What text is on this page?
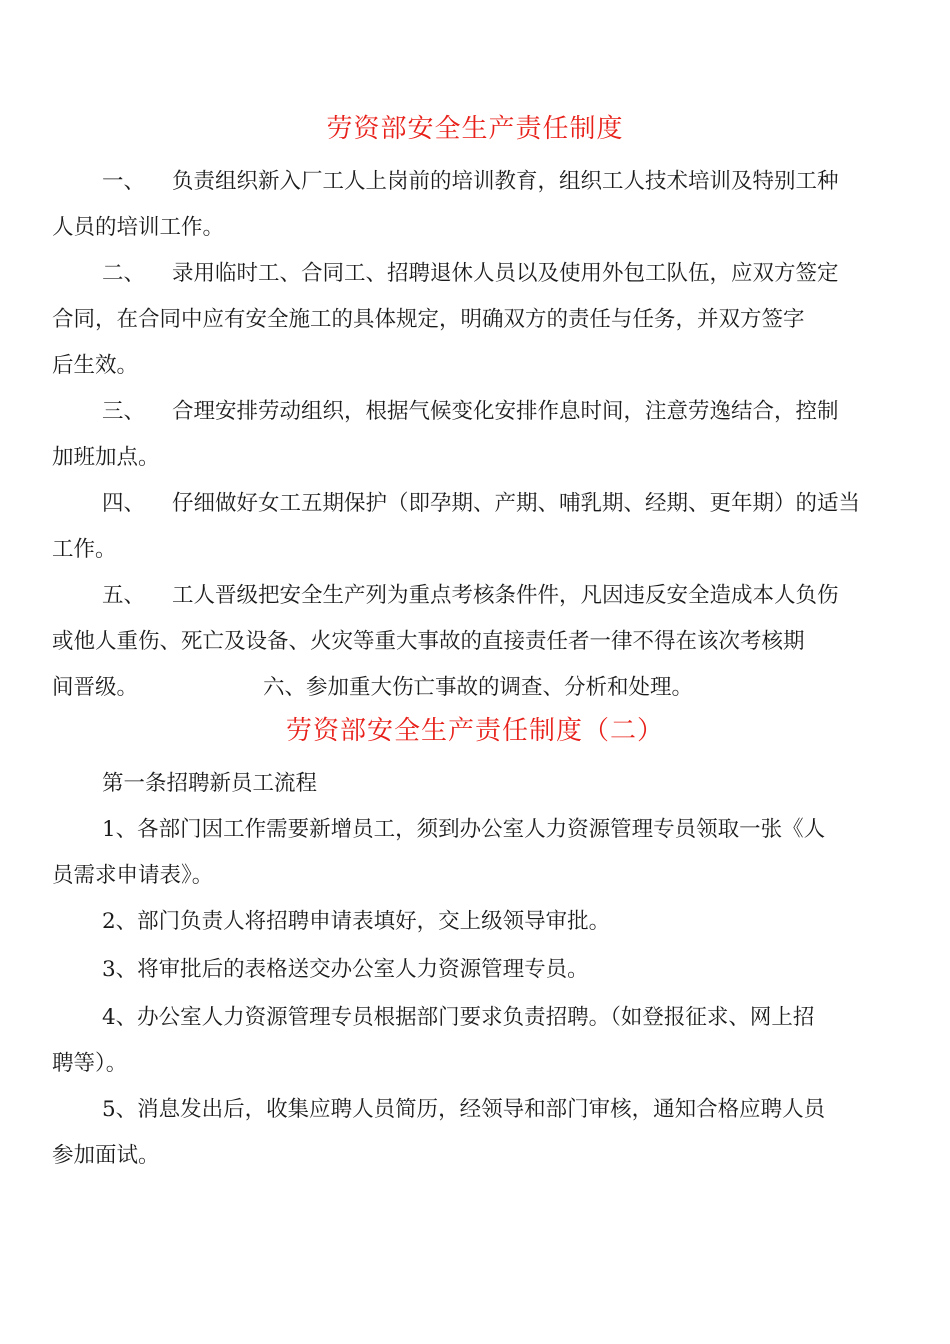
劳资部安全生产责任制度
一、 负责组织新入厂工人上岗前的培训教育，组织工人技术培训及特别工种
人员的培训工作。
二、 录用临时工、合同工、招聘退休人员以及使用外包工队伍，应双方签定
合同，在合同中应有安全施工的具体规定，明确双方的责任与任务，并双方签字
后生效。
三、 合理安排劳动组织，根据气候变化安排作息时间，注意劳逸结合，控制
加班加点。
四、 仔细做好女工五期保护（即孕期、产期、哺乳期、经期、更年期）的适当
工作。
五、 工人晋级把安全生产列为重点考核条件件，凡因违反安全造成本人负伤
或他人重伤、死亡及设备、火灾等重大事故的直接责任者一律不得在该次考核期
间晋级。	六、参加重大伤亡事故的调查、分析和处理。
劳资部安全生产责任制度（二）
第一条招聘新员工流程
1、各部门因工作需要新增员工，须到办公室人力资源管理专员领取一张《人
员需求申请表》。
2、部门负责人将招聘申请表填好，交上级领导审批。
3、将审批后的表格送交办公室人力资源管理专员。
4、办公室人力资源管理专员根据部门要求负责招聘。（如登报征求、网上招
聘等）。
5、消息发出后，收集应聘人员简历，经领导和部门审核，通知合格应聘人员
参加面试。
